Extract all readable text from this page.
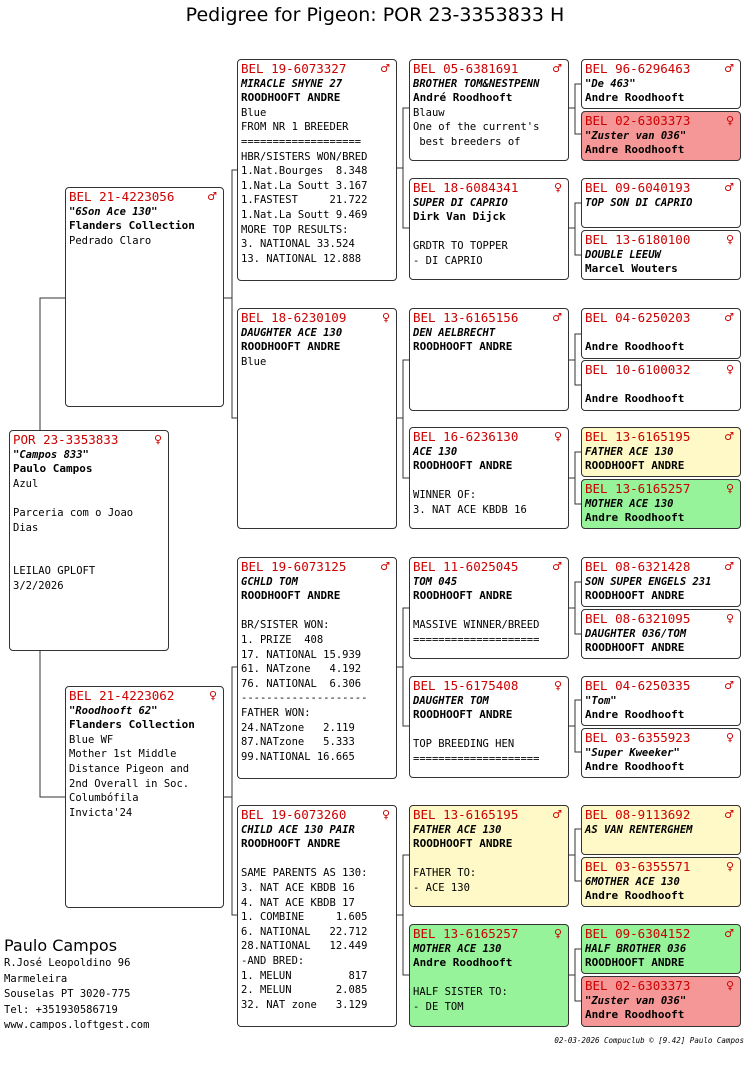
Pedigree for Pigeon: POR 23-3353833 H
POR 23-3353833	♀
"Campos 833"
Paulo Campos
Azul

Parceria com o Joao
Dias

LEILAO GPLOFT
3/2/2026
BEL 21-4223056	♂
"6Son Ace 130"
Flanders Collection
Pedrado Claro
BEL 21-4223062	♀
"Roodhooft 62"
Flanders Collection
Blue WF
Mother 1st Middle
Distance Pigeon and
2nd Overall in Soc.
Columbófila
Invicta'24
BEL 19-6073327	♂
MIRACLE SHYNE 27
ROODHOOFT ANDRE
Blue
FROM NR 1 BREEDER
===================
HBR/SISTERS WON/BRED
1.Nat.Bourges  8.348
1.Nat.La Soutt 3.167
1.FASTEST     21.722
1.Nat.La Soutt 9.469
MORE TOP RESULTS:
3. NATIONAL 33.524
13. NATIONAL 12.888
BEL 18-6230109	♀
DAUGHTER ACE 130
ROODHOOFT ANDRE
Blue
BEL 19-6073125	♂
GCHLD TOM
ROODHOOFT ANDRE

BR/SISTER WON:
1. PRIZE  408
17. NATIONAL 15.939
61. NATzone   4.192
76. NATIONAL  6.306
--------------------
FATHER WON:
24.NATzone   2.119
87.NATzone   5.333
99.NATIONAL 16.665
BEL 19-6073260	♀
CHILD ACE 130 PAIR
ROODHOOFT ANDRE

SAME PARENTS AS 130:
3. NAT ACE KBDB 16
4. NAT ACE KBDB 17
1. COMBINE     1.605
6. NATIONAL   22.712
28.NATIONAL   12.449
-AND BRED:
1. MELUN         817
2. MELUN       2.085
32. NAT zone   3.129
BEL 05-6381691	♂
BROTHER TOM&NESTPENN
André Roodhooft
Blauw
One of the current's
best breeders of
BEL 18-6084341	♀
SUPER DI CAPRIO
Dirk Van Dijck

GRDTR TO TOPPER
- DI CAPRIO
BEL 13-6165156	♂
DEN AELBRECHT
ROODHOOFT ANDRE
BEL 16-6236130	♀
ACE 130
ROODHOOFT ANDRE

WINNER OF:
3. NAT ACE KBDB 16
BEL 11-6025045	♂
TOM 045
ROODHOOFT ANDRE

MASSIVE WINNER/BREED
====================
BEL 15-6175408	♀
DAUGHTER TOM
ROODHOOFT ANDRE

TOP BREEDING HEN
====================
BEL 13-6165195	♂
FATHER ACE 130
ROODHOOFT ANDRE

FATHER TO:
- ACE 130
BEL 13-6165257	♀
MOTHER ACE 130
Andre Roodhooft

HALF SISTER TO:
- DE TOM
BEL 96-6296463	♂
"De 463"
Andre Roodhooft
BEL 02-6303373	♀
"Zuster van 036"
Andre Roodhooft
BEL 09-6040193	♂
TOP SON DI CAPRIO

BEL 13-6180100	♀
DOUBLE LEEUW
Marcel Wouters
BEL 04-6250203	♂

Andre Roodhooft
BEL 10-6100032	♀

Andre Roodhooft
BEL 13-6165195	♂
FATHER ACE 130
ROODHOOFT ANDRE
BEL 13-6165257	♀
MOTHER ACE 130
Andre Roodhooft
BEL 08-6321428	♂
SON SUPER ENGELS 231
ROODHOOFT ANDRE
BEL 08-6321095	♀
DAUGHTER 036/TOM
ROODHOOFT ANDRE
BEL 04-6250335	♂
"Tom"
Andre Roodhooft
BEL 03-6355923	♀
"Super Kweeker"
Andre Roodhooft
BEL 08-9113692	♂
AS VAN RENTERGHEM

BEL 03-6355571	♀
6MOTHER ACE 130
Andre Roodhooft
BEL 09-6304152	♂
HALF BROTHER 036
ROODHOOFT ANDRE
BEL 02-6303373	♀
"Zuster van 036"
Andre Roodhooft
Paulo Campos
R.José Leopoldino 96
Marmeleira
Souselas PT 3020-775
Tel: +351930586719
www.campos.loftgest.com
02-03-2026 Compuclub © [9.42] Paulo Campos
